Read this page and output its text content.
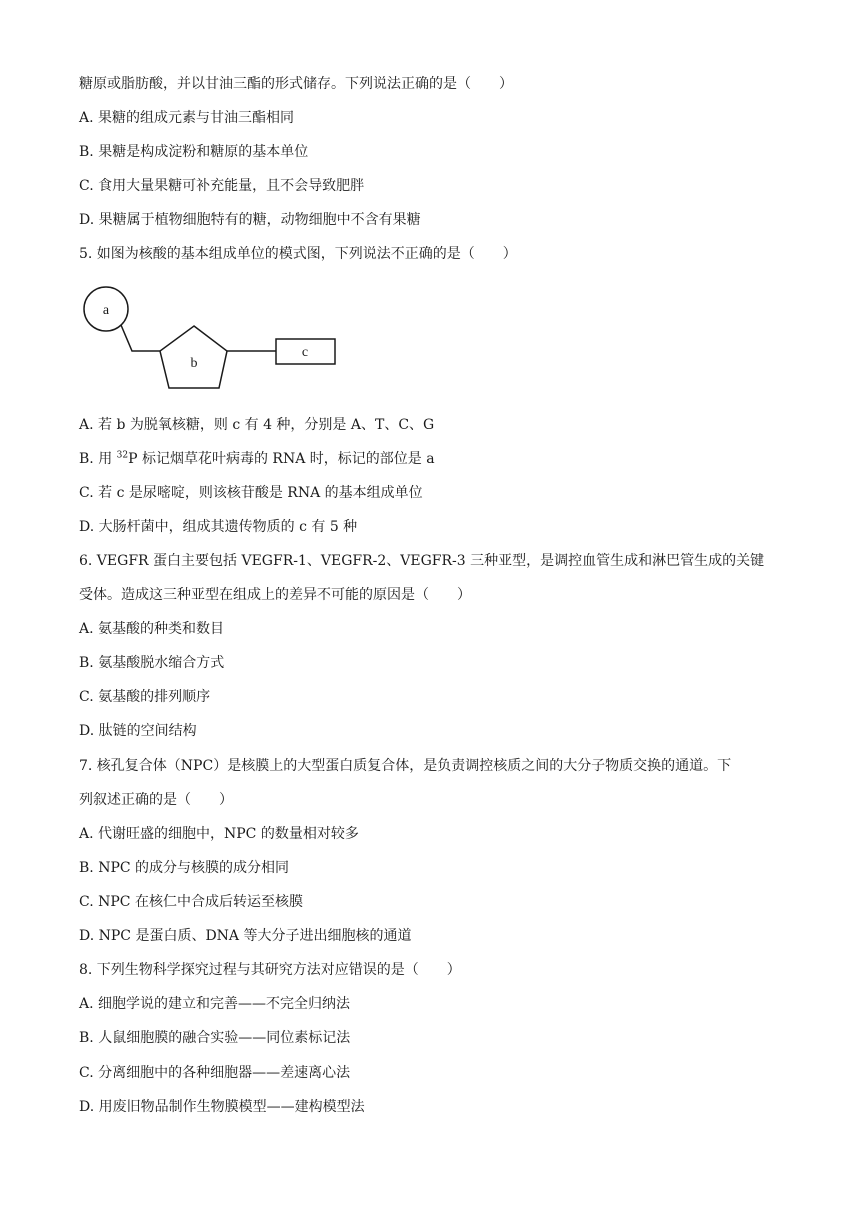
糖原或脂肪酸，并以甘油三酯的形式储存。下列说法正确的是（　　）
A. 果糖的组成元素与甘油三酯相同
B. 果糖是构成淀粉和糖原的基本单位
C. 食用大量果糖可补充能量，且不会导致肥胖
D. 果糖属于植物细胞特有的糖，动物细胞中不含有果糖
5. 如图为核酸的基本组成单位的模式图，下列说法不正确的是（　　）
a
b
c
A. 若 b 为脱氧核糖，则 c 有 4 种，分别是 A、T、C、G
B. 用 $^{32}$P 标记烟草花叶病毒的 RNA 时，标记的部位是 a
C. 若 c 是尿嘧啶，则该核苷酸是 RNA 的基本组成单位
D. 大肠杆菌中，组成其遗传物质的 c 有 5 种
6. VEGFR 蛋白主要包括 VEGFR-1、VEGFR-2、VEGFR-3 三种亚型，是调控血管生成和淋巴管生成的关键
受体。造成这三种亚型在组成上的差异不可能的原因是（　　）
A. 氨基酸的种类和数目
B. 氨基酸脱水缩合方式
C. 氨基酸的排列顺序
D. 肽链的空间结构
7. 核孔复合体（NPC）是核膜上的大型蛋白质复合体，是负责调控核质之间的大分子物质交换的通道。下
列叙述正确的是（　　）
A. 代谢旺盛的细胞中，NPC 的数量相对较多
B. NPC 的成分与核膜的成分相同
C. NPC 在核仁中合成后转运至核膜
D. NPC 是蛋白质、DNA 等大分子进出细胞核的通道
8. 下列生物科学探究过程与其研究方法对应错误的是（　　）
A. 细胞学说的建立和完善——不完全归纳法
B. 人鼠细胞膜的融合实验——同位素标记法
C. 分离细胞中的各种细胞器——差速离心法
D. 用废旧物品制作生物膜模型——建构模型法
